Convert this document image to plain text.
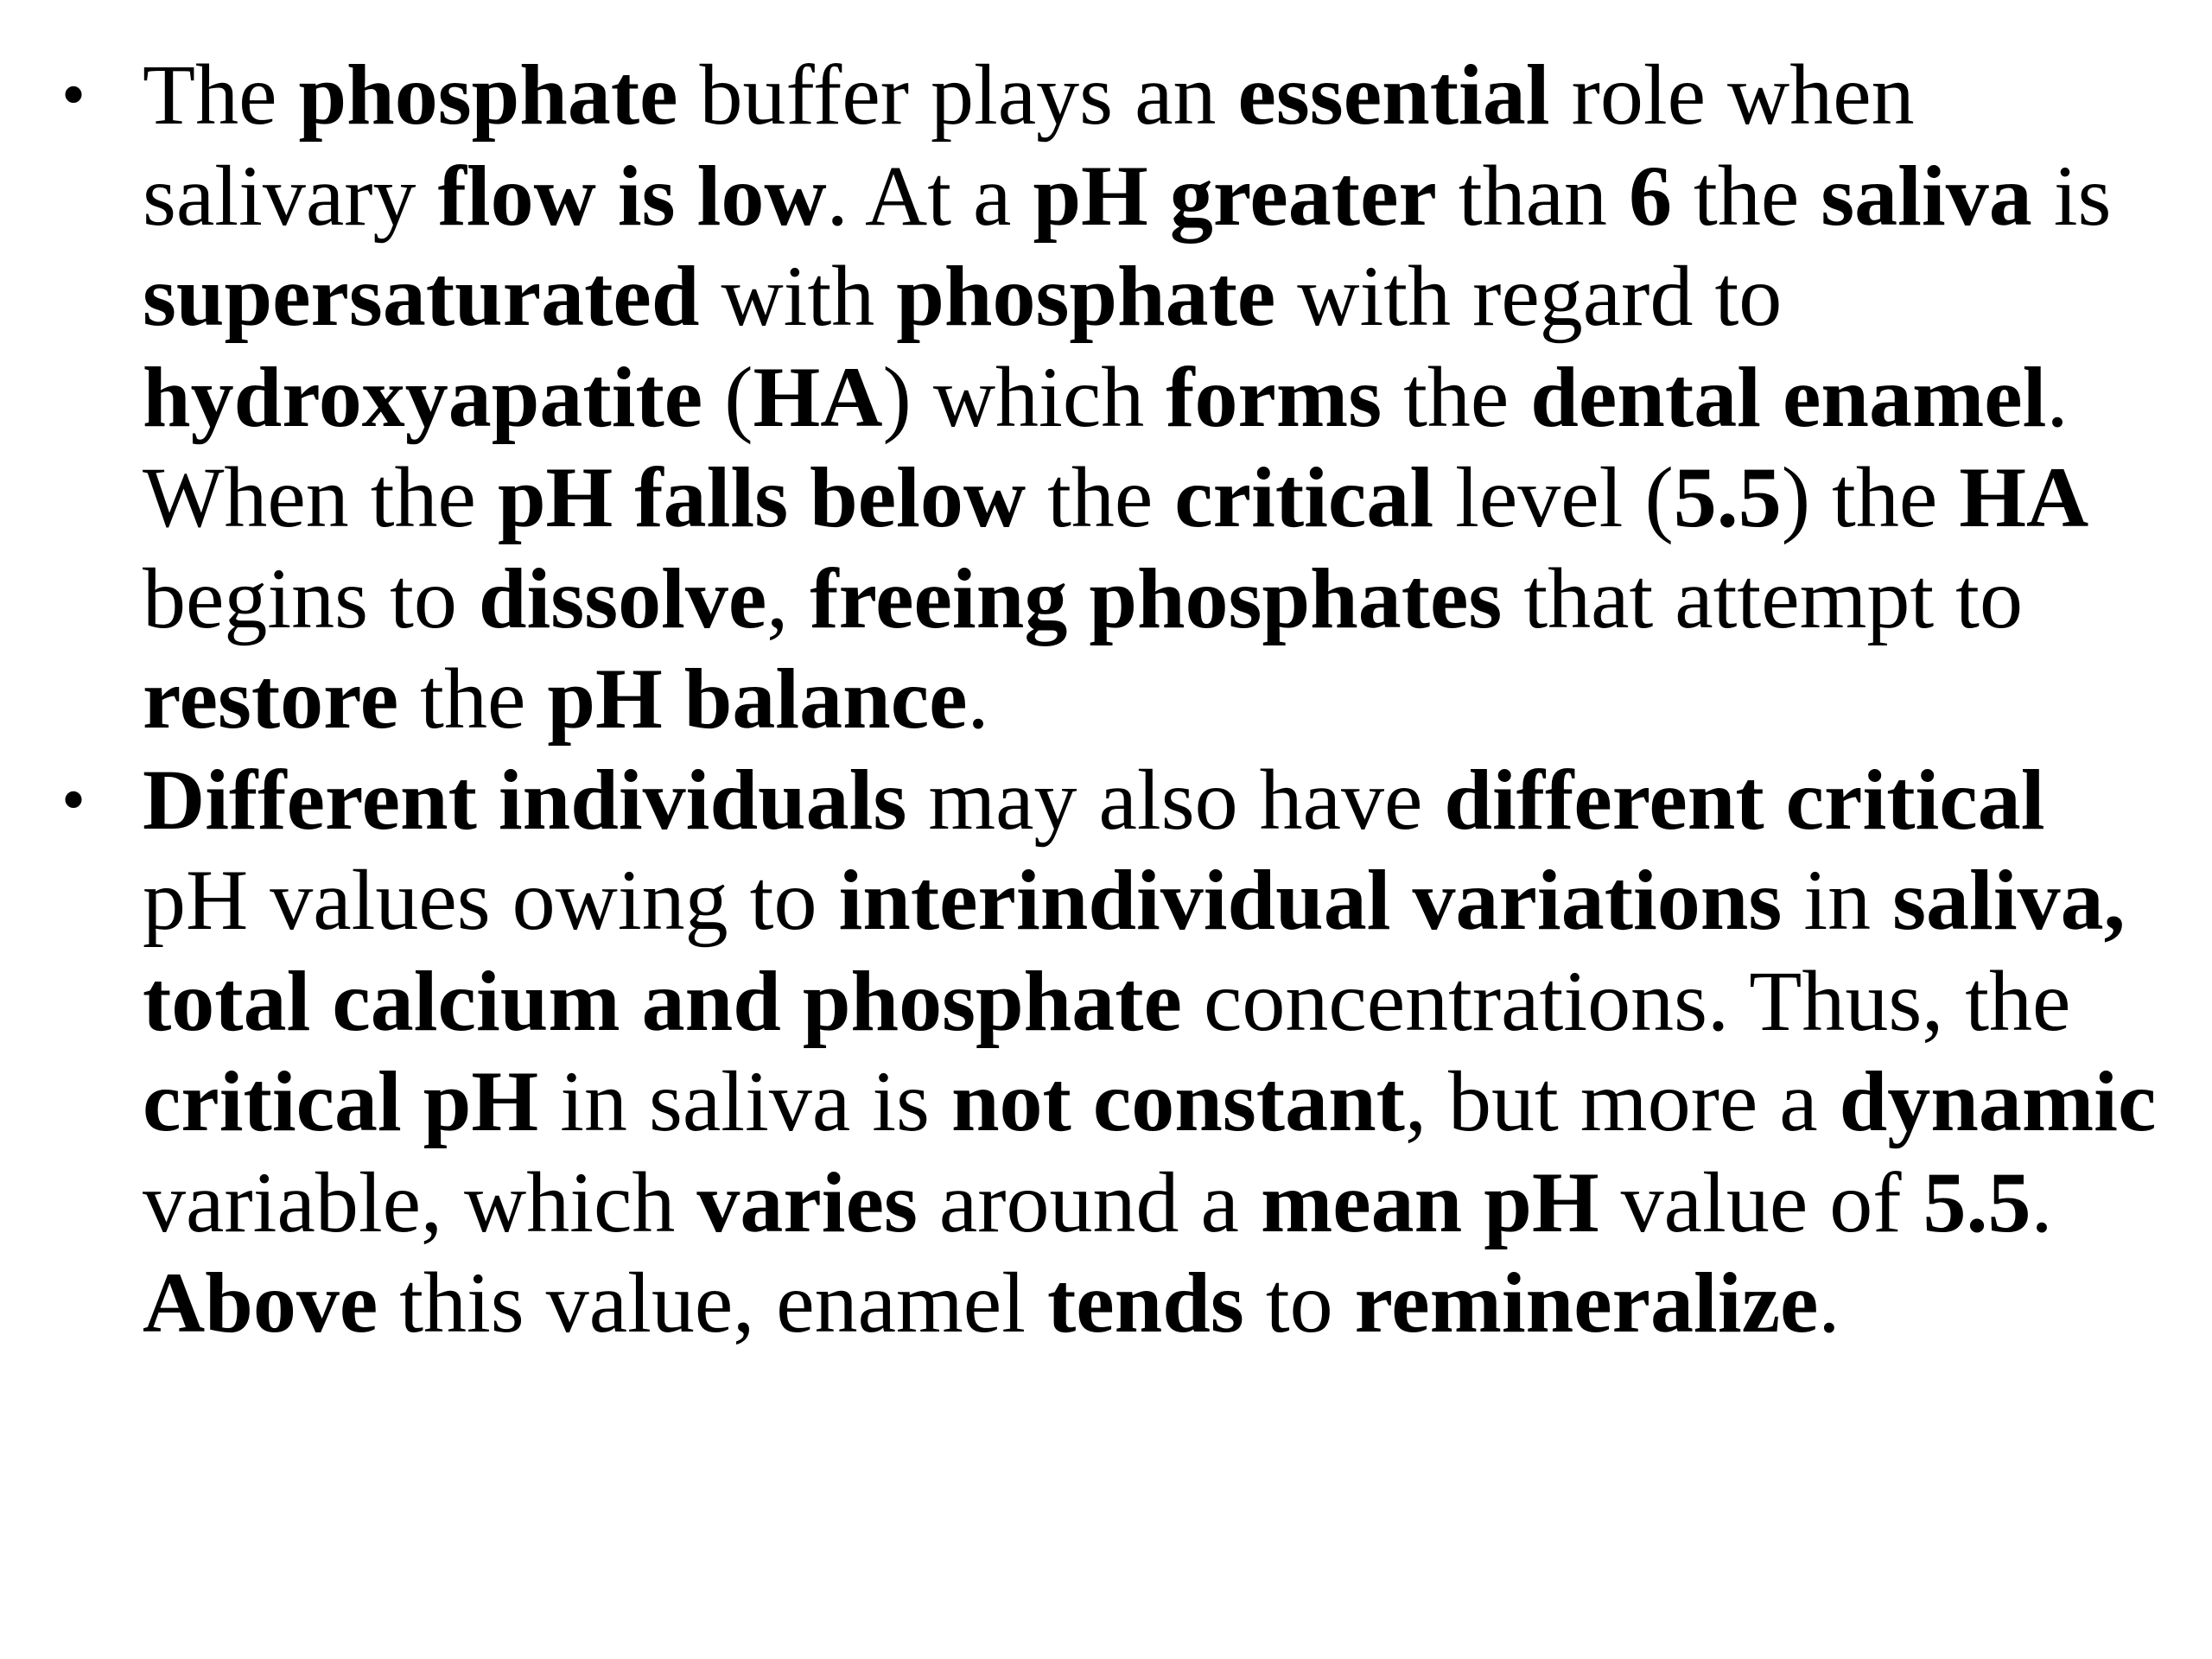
• The phosphate buffer plays an essential role when salivary flow is low. At a pH greater than 6 the saliva is supersaturated with phosphate with regard to hydroxyapatite (HA) which forms the dental enamel. When the pH falls below the critical level (5.5) the HA begins to dissolve, freeing phosphates that attempt to restore the pH balance.
• Different individuals may also have different critical pH values owing to interindividual variations in saliva, total calcium and phosphate concentrations. Thus, the critical pH in saliva is not constant, but more a dynamic variable, which varies around a mean pH value of 5.5. Above this value, enamel tends to remineralize.
